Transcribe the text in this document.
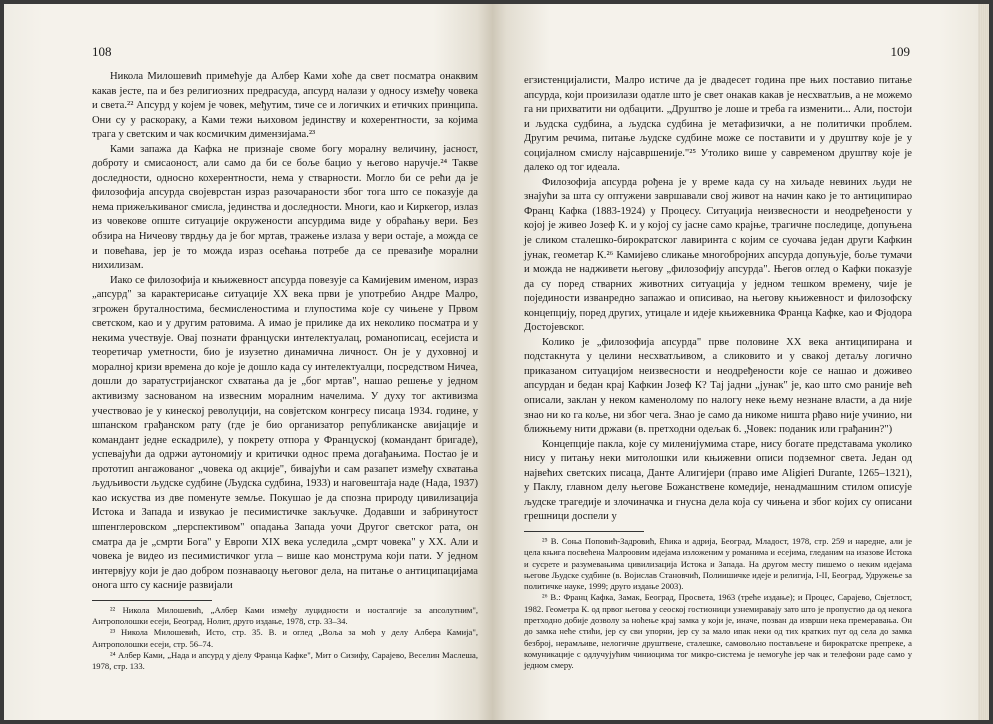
108

Никола Милошевић примећује да Албер Ками хоће да свет посматра онаквим какав јесте, па и без религиозних предрасуда, апсурд налази у односу између човека и света.²² Апсурд у којем је човек, међутим, тиче се и логичких и етичких принципа. Они су у раскораку, а Ками тежи њиховом јединству и кохерентности, за којима трага у светским и чак космичким димензијама.²³

Ками запажа да Кафка не признаје своме богу моралну величину, јасност, доброту и смисаоност, али само да би се боље бацио у његово наручје.²⁴ Такве доследности, односно кохерентности, нема у стварности. Могло би се рећи да је филозофија апсурда својеврстан израз разочараности због тога што се показује да нема прижељкиваног смисла, јединства и доследности. Многи, као и Киркегор, излаз из човекове опште ситуације окружености апсурдима виде у обраћању вери. Без обзира на Ничеову тврдњу да је бог мртав, тражење излаза у вери остаје, а можда се и повећава, јер је то можда израз осећања потребе да се превазиђе морални нихилизам.

Иако се филозофија и књижевност апсурда повезује са Камијевим именом, израз „апсурд" за карактерисање ситуације XX века први је употребио Андре Малро, згрожен бруталностима, бесмисленостима и глупостима које су чињене у Првом светском, као и у другим ратовима. А имао је прилике да их неколико посматра и у некима учествује. Овај познати француски интелектуалац, романописац, есејиста и теоретичар уметности, био је изузетно динамична личност. Он је у духовној и моралној кризи времена до које је дошло када су интелектуалци, посредством Ничеа, дошли до заратустријанског схватања да је „бог мртав", нашао решење у једном активизму заснованом на извесним моралним начелима. У духу тог активизма учествовао је у кинеској револуцији, на совјетском конгресу писаца 1934. године, у шпанском грађанском рату (где је био организатор републиканске авијације и командант једне ескадриле), у покрету отпора у Француској (командант бригаде), успевајући да одржи аутономију и критички однос према догађањима. Постао је и прототип ангажованог „човека од акције", бивајући и сам разапет између схватања људљивости људске судбине (Људска судбина, 1933) и наговештаја наде (Нада, 1937) као искуства из две поменуте земље. Покушао је да спозна природу цивилизација Истока и Запада и извукао је песимистичке закључке. Додавши и забринутост шпенглеровском „перспективом" опадања Запада уочи Другог светског рата, он сматра да је „смрти Бога" у Европи XIX века уследила „смрт човека" у XX. Али и човека је видео из песимистичког угла – више као монструма који пати. У једном интервјуу који је дао добром познаваоцу његовог дела, на питање о антиципацијама онога што су касније развијали

²² Никола Милошевић, „Албер Ками између луцидности и носталгије за апсолутним", Антрополошки есеји, Београд, Нолит, друго издање, 1978, стр. 33–34.

²³ Никола Милошевић, Исто, стр. 35. В. и оглед „Воља за моћ у делу Албера Камија", Антрополошки есеји, стр. 56–74.

²⁴ Албер Ками, „Нада и апсурд у дјелу Франца Кафке", Мит о Сизифу, Сарајево, Веселин Маслеша, 1978, стр. 133.

109

егзистенцијалисти, Малро истиче да је двадесет година пре њих поставио питање апсурда, који произилази одатле што је свет онакав какав је несхватљив, а не можемо га ни прихватити ни одбацити. „Друштво је лоше и треба га изменити... Али, постоји и људска судбина, а људска судбина је метафизички, а не политички проблем. Другим речима, питање људске судбине може се поставити и у друштву које је у социјалном смислу најсавршеније."²⁵ Утолико више у савременом друштву које је далеко од тог идеала.

Филозофија апсурда рођена је у време када су на хиљаде невиних људи не знајући за шта су оптужени завршавали свој живот на начин како је то антиципирао Франц Кафка (1883-1924) у Процесу. Ситуација неизвесности и неодређености у којој је живео Јозеф К. и у којој су јасне само крајње, трагичне последице, допуњена је сликом сталешко-бирократског лавиринта с којим се суочава један други Кафкин јунак, геометар К.²⁶ Камијево сликање многобројних апсурда допуњује, боље тумачи и можда не надживети његову „филозофију апсурда". Његов оглед о Кафки показује да су поред стварних животних ситуација у једном тешком времену, чије је појединости изванредно запажао и описивао, на његову књижевност и филозофску концепцију, поред других, утицале и идеје књижевника Франца Кафке, као и Фјодора Достојевског.

Колико је „филозофија апсурда" прве половине XX века антиципирана и подстакнута у целини несхватљивом, а сликовито и у свакој детаљу логично приказаном ситуацијом неизвесности и неодређености које се нашао и доживео апсурдан и бедан крај Кафкин Јозеф К? Тај јадни „јунак" је, као што смо раније већ описали, заклан у неком каменолому по налогу неке њему незнане власти, а да није знао ни ко га коље, ни због чега. Знао је само да никоме ништа рђаво није учинио, ни ближњему нити држави (в. претходни одељак 6. „Човек: поданик или грађанин?")

Концепције пакла, које су миленијумима старе, нису богате представама уколико нису у питању неки митолошки или књижевни описи подземног света. Један од највећих светских писаца, Данте Алигијери (право име Aligieri Durante, 1265–1321), у Паклу, главном делу његове Божанствене комедије, ненадмашним стилом описује људске трагедије и злочиначка и гнусна дела која су чињена и због којих су описани грешници доспели у

²⁵ В. Соња Поповић-Задровић, Ећика и адрија, Београд, Младост, 1978, стр. 259 и наредне, али је цела књига посвећена Малроовим идејама изложеним у романима и есејима, гледаним на изазове Истока и сусрете и разумевањима цивилизација Истока и Запада. На другом месту пишемо о неким идејама његове Људске судбине (в. Војислав Становчић, Полиишичке идеје и религија, I-II, Београд, Удружење за политичке науке, 1999; друго издање 2003).

²⁶ В.: Франц Кафка, Замак, Београд, Просвета, 1963 (треће издање); и Процес, Сарајево, Свјетлост, 1982. Геометра К. од првог његова у сеоској гостионици узнемиравају зато што је пропустио да од некога претходно добије дозволу за ноћење крај замка у који је, иначе, позван да изврши нека премеравања. Он до замка неће стићи, јер су сви упорни, јер су за мало ипак неки од тих кратких пут од села до замка безброј, нерамљиве, нелогичне друштвене, сталешке, самовољно постављене и бирократске препреке, а комуникације с одлучујућим чиниоцима тог микро-система је немогуће јер чак и телефони раде само у једном смеру.
